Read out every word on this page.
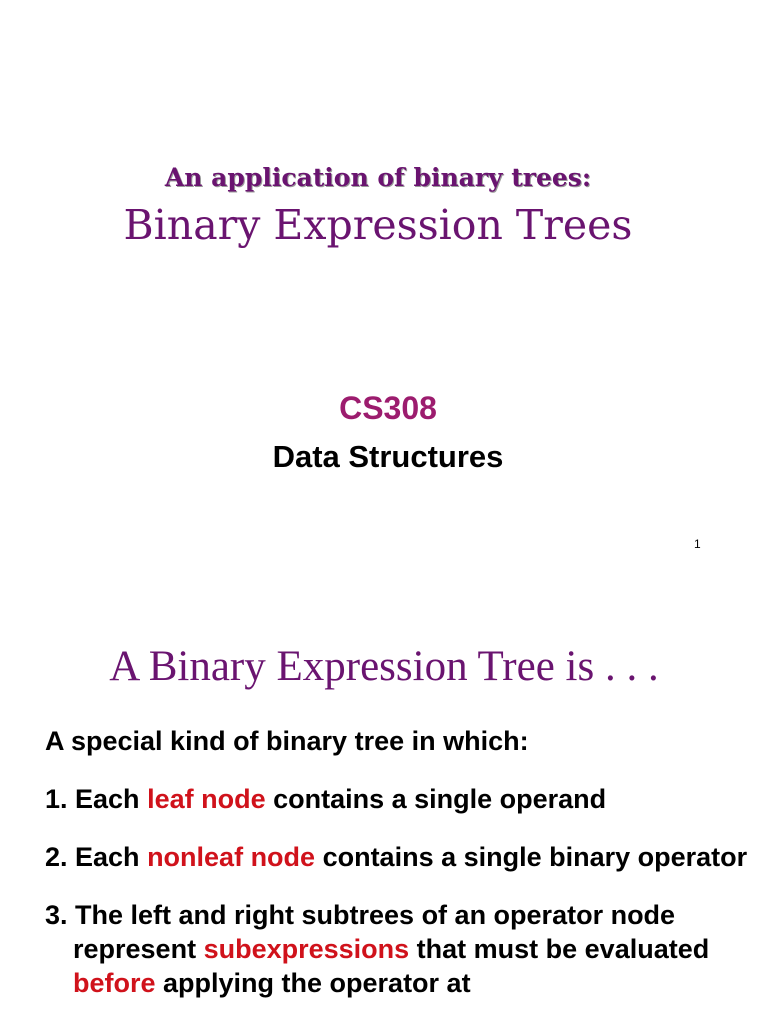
An application of binary trees:
Binary Expression Trees
CS308
Data Structures
1
A Binary Expression Tree is . . .
A special kind of binary tree in which:
1. Each leaf node contains a single operand
2. Each nonleaf node contains a single binary operator
3. The left and right subtrees of an operator node represent subexpressions that must be evaluated before applying the operator at
